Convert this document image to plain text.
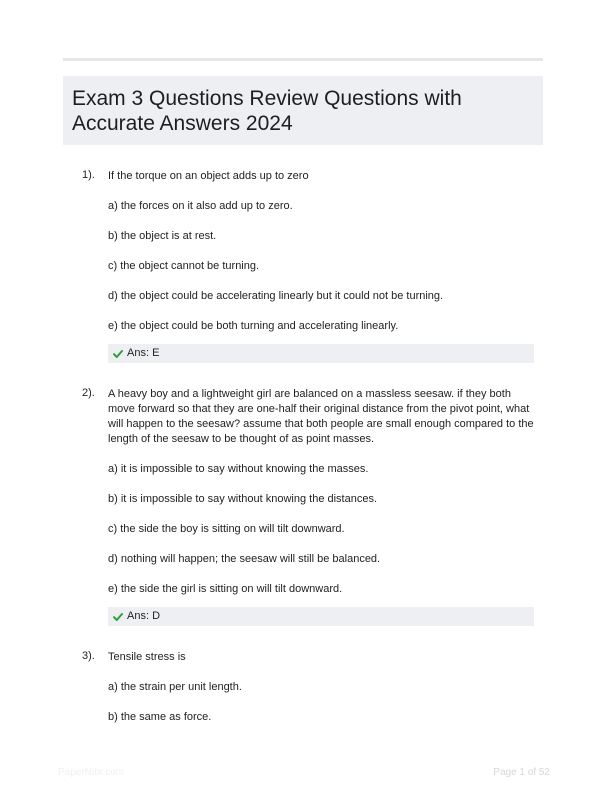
Exam 3 Questions Review Questions with Accurate Answers 2024
1). If the torque on an object adds up to zero
a) the forces on it also add up to zero.
b) the object is at rest.
c) the object cannot be turning.
d) the object could be accelerating linearly but it could not be turning.
e) the object could be both turning and accelerating linearly.
Ans: E
2). A heavy boy and a lightweight girl are balanced on a massless seesaw. if they both move forward so that they are one-half their original distance from the pivot point, what will happen to the seesaw? assume that both people are small enough compared to the length of the seesaw to be thought of as point masses.
a) it is impossible to say without knowing the masses.
b) it is impossible to say without knowing the distances.
c) the side the boy is sitting on will tilt downward.
d) nothing will happen; the seesaw will still be balanced.
e) the side the girl is sitting on will tilt downward.
Ans: D
3). Tensile stress is
a) the strain per unit length.
b) the same as force.
PaperNibr.com	Page 1 of 52
